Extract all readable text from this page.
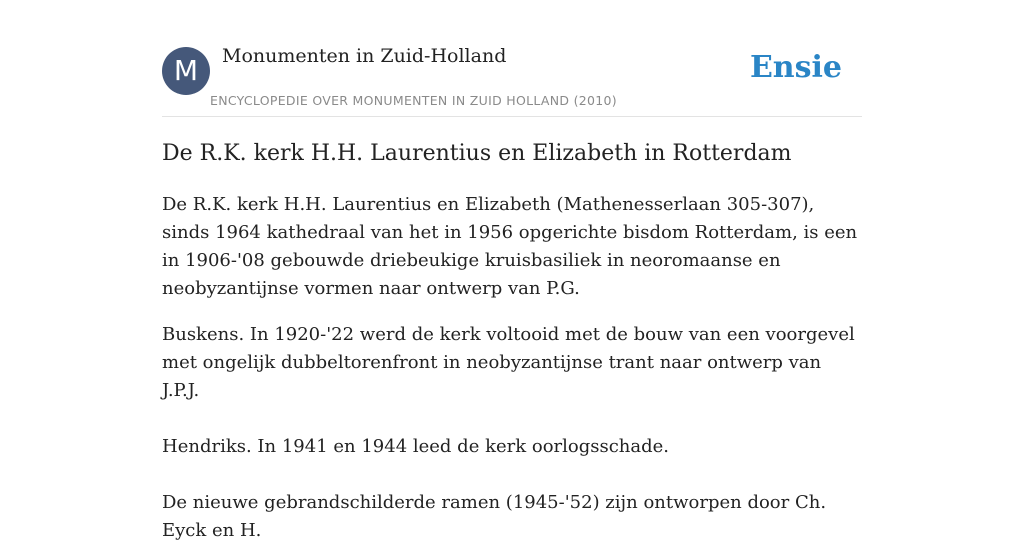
M	Monumenten in Zuid-Holland
ENCYCLOPEDIE OVER MONUMENTEN IN ZUID HOLLAND (2010)
Ensie
De R.K. kerk H.H. Laurentius en Elizabeth in Rotterdam

De R.K. kerk H.H. Laurentius en Elizabeth (Mathenesserlaan 305-307), sinds 1964 kathedraal van het in 1956 opgerichte bisdom Rotterdam, is een in 1906-'08 gebouwde driebeukige kruisbasiliek in neoromaanse en neobyzantijnse vormen naar ontwerp van P.G.

Buskens. In 1920-'22 werd de kerk voltooid met de bouw van een voorgevel met ongelijk dubbeltorenfront in neobyzantijnse trant naar ontwerp van J.P.J.

Hendriks. In 1941 en 1944 leed de kerk oorlogsschade.

De nieuwe gebrandschilderde ramen (1945-'52) zijn ontworpen door Ch. Eyck en H.
